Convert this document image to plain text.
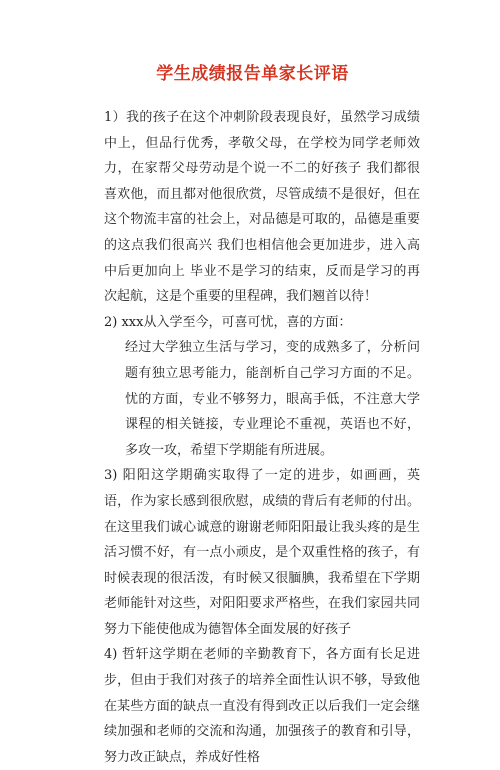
学生成绩报告单家长评语

1）我的孩子在这个冲刺阶段表现良好，虽然学习成绩中上，但品行优秀，孝敬父母，在学校为同学老师效力，在家帮父母劳动是个说一不二的好孩子 我们都很喜欢他，而且都对他很欣赏，尽管成绩不是很好，但在这个物流丰富的社会上，对品德是可取的，品德是重要的这点我们很高兴 我们也相信他会更加进步，进入高中后更加向上 毕业不是学习的结束，反而是学习的再次起航，这是个重要的里程碑，我们翘首以待！

2) xxx从入学至今，可喜可忧，喜的方面：

经过大学独立生活与学习，变的成熟多了，分析问题有独立思考能力，能剖析自己学习方面的不足。忧的方面，专业不够努力，眼高手低，不注意大学课程的相关链接，专业理论不重视，英语也不好，多攻一攻，希望下学期能有所进展。

3) 阳阳这学期确实取得了一定的进步，如画画，英语，作为家长感到很欣慰，成绩的背后有老师的付出。在这里我们诚心诚意的谢谢老师阳阳最让我头疼的是生活习惯不好，有一点小顽皮，是个双重性格的孩子，有时候表现的很活泼，有时候又很腼腆，我希望在下学期老师能针对这些，对阳阳要求严格些，在我们家园共同努力下能使他成为德智体全面发展的好孩子

4) 哲轩这学期在老师的辛勤教育下，各方面有长足进步，但由于我们对孩子的培养全面性认识不够，导致他在某些方面的缺点一直没有得到改正以后我们一定会继续加强和老师的交流和沟通，加强孩子的教育和引导，努力改正缺点，养成好性格
